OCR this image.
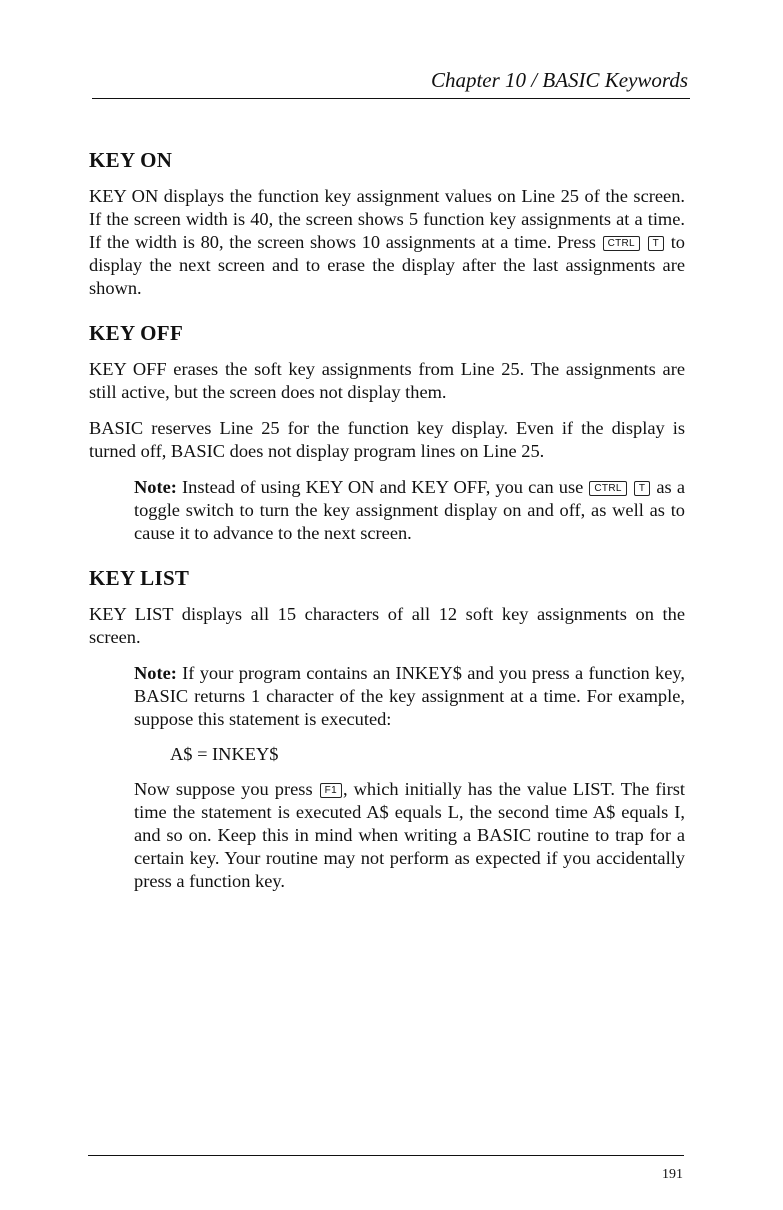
Chapter 10 / BASIC Keywords
KEY ON

KEY ON displays the function key assignment values on Line 25 of the screen. If the screen width is 40, the screen shows 5 function key assignments at a time. If the width is 80, the screen shows 10 assignments at a time. Press CTRL T to display the next screen and to erase the display after the last assignments are shown.

KEY OFF

KEY OFF erases the soft key assignments from Line 25. The assignments are still active, but the screen does not display them.

BASIC reserves Line 25 for the function key display. Even if the display is turned off, BASIC does not display program lines on Line 25.

Note: Instead of using KEY ON and KEY OFF, you can use CTRL T as a toggle switch to turn the key assignment display on and off, as well as to cause it to advance to the next screen.

KEY LIST

KEY LIST displays all 15 characters of all 12 soft key assignments on the screen.

Note: If your program contains an INKEY$ and you press a function key, BASIC returns 1 character of the key assignment at a time. For example, suppose this statement is executed:

A$ = INKEY$

Now suppose you press F1 , which initially has the value LIST. The first time the statement is executed A$ equals L, the second time A$ equals I, and so on. Keep this in mind when writing a BASIC routine to trap for a certain key. Your routine may not perform as expected if you accidentally press a function key.

191
